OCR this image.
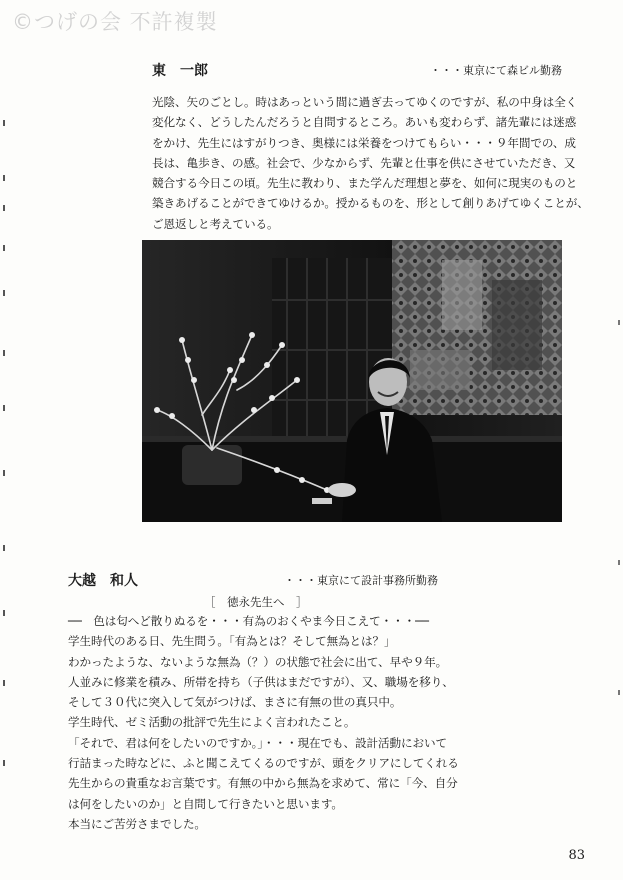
©つげの会 不許複製
東　一郎	・・・東京にて森ビル勤務
光陰、矢のごとし。時はあっという間に過ぎ去ってゆくのですが、私の中身は全く
変化なく、どうしたんだろうと自問するところ。あいも変わらず、諸先輩には迷惑
をかけ、先生にはすがりつき、奥様には栄養をつけてもらい・・・９年間での、成
長は、亀歩き、の感。社会で、少なからず、先輩と仕事を供にさせていただき、又
競合する今日この頃。先生に教わり、また学んだ理想と夢を、如何に現実のものと
築きあげることができてゆけるか。授かるものを、形として創りあげてゆくことが、
ご恩返しと考えている。
大越　和人	・・・東京にて設計事務所勤務
［　徳永先生へ　］
──　色は匂へど散りぬるを・・・有為のおくやま今日こえて・・・──
学生時代のある日、先生問う。「有為とは？そして無為とは？」
わかったような、ないような無為（？）の状態で社会に出て、早や９年。
人並みに修業を積み、所帯を持ち（子供はまだですが）、又、職場を移り、
そして３０代に突入して気がつけば、まさに有無の世の真只中。
学生時代、ゼミ活動の批評で先生によく言われたこと。
「それで、君は何をしたいのですか。」・・・現在でも、設計活動において
行詰まった時などに、ふと聞こえてくるのですが、頭をクリアにしてくれる
先生からの貴重なお言葉です。有無の中から無為を求めて、常に「今、自分
は何をしたいのか」と自問して行きたいと思います。
本当にご苦労さまでした。
83
